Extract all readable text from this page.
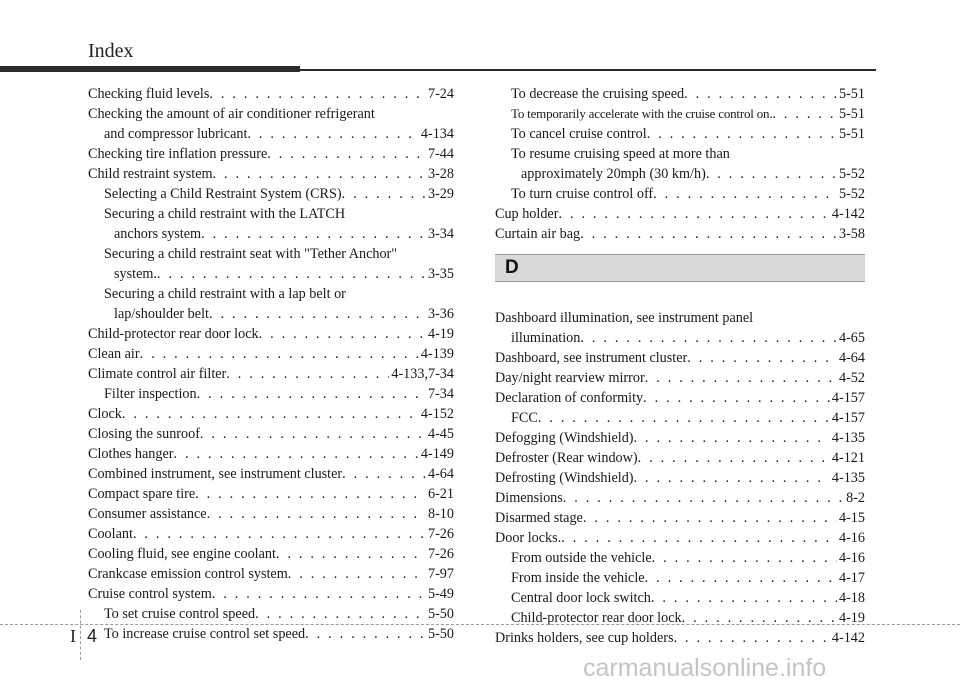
Index
Checking fluid levels . . .	7-24
Checking the amount of air conditioner refrigerant
and compressor lubricant . . .	4-134
Checking tire inflation pressure . . .	7-44
Child restraint system . . .	3-28
Selecting a Child Restraint System (CRS) . . .	3-29
Securing a child restraint with the LATCH
anchors system . . .	3-34
Securing a child restraint seat with "Tether Anchor"
system. . . .	3-35
Securing a child restraint with a lap belt or
lap/shoulder belt . . .	3-36
Child-protector rear door lock . . .	4-19
Clean air . . .	4-139
Climate control air filter . . .	4-133,7-34
Filter inspection . . .	7-34
Clock . . .	4-152
Closing the sunroof . . .	4-45
Clothes hanger . . .	4-149
Combined instrument, see instrument cluster . . .	4-64
Compact spare tire . . .	6-21
Consumer assistance . . .	8-10
Coolant . . .	7-26
Cooling fluid, see engine coolant . . .	7-26
Crankcase emission control system . . .	7-97
Cruise control system . . .	5-49
To set cruise control speed . . .	5-50
To increase cruise control set speed . . .	5-50
To decrease the cruising speed . . .	5-51
To temporarily accelerate with the cruise control on. . . .	5-51
To cancel cruise control . . .	5-51
To resume cruising speed at more than
approximately 20mph (30 km/h) . . .	5-52
To turn cruise control off . . .	5-52
Cup holder . . .	4-142
Curtain air bag . . .	3-58
D
Dashboard illumination, see instrument panel
illumination . . .	4-65
Dashboard, see instrument cluster . . .	4-64
Day/night rearview mirror . . .	4-52
Declaration of conformity . . .	4-157
FCC . . .	4-157
Defogging (Windshield) . . .	4-135
Defroster (Rear window) . . .	4-121
Defrosting (Windshield) . . .	4-135
Dimensions . . .	8-2
Disarmed stage . . .	4-15
Door locks. . . .	4-16
From outside the vehicle . . .	4-16
From inside the vehicle . . .	4-17
Central door lock switch . . .	4-18
Child-protector rear door lock . . .	4-19
Drinks holders, see cup holders . . .	4-142
I 4
carmanualsonline.info
